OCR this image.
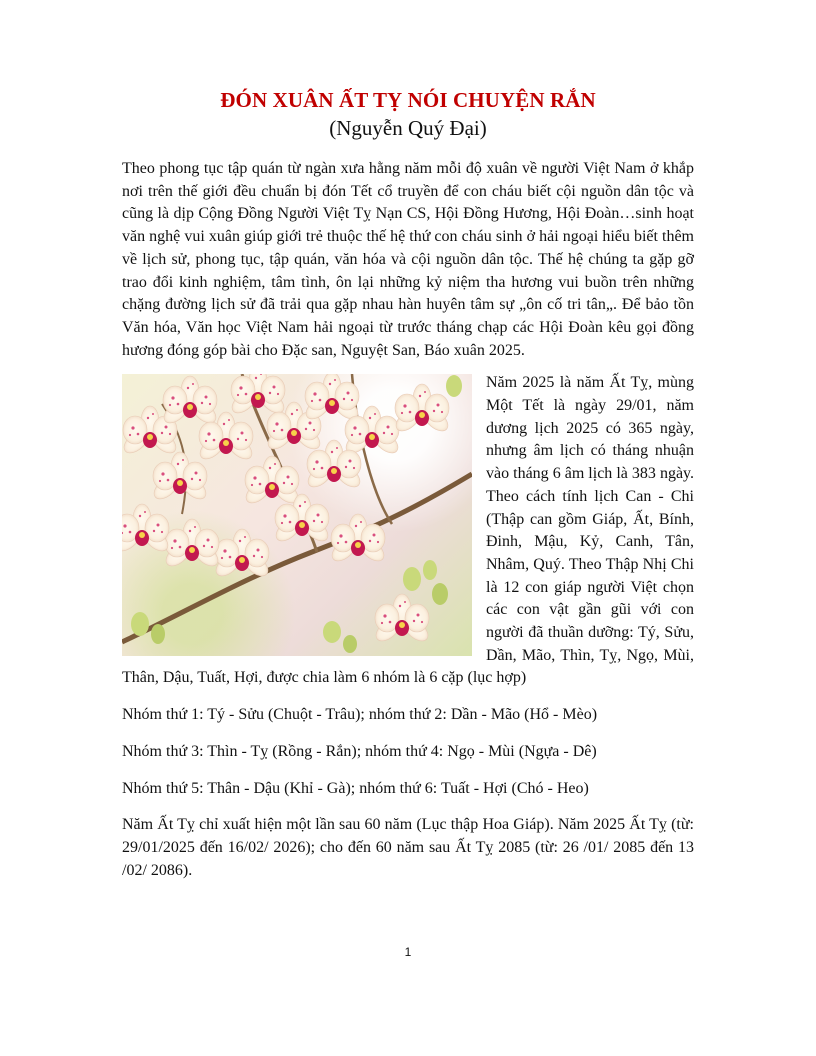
ĐÓN XUÂN ẤT TỴ NÓI CHUYỆN RẮN
(Nguyễn Quý Đại)

Theo phong tục tập quán từ ngàn xưa hằng năm mỗi độ xuân về người Việt Nam ở khắp nơi trên thế giới đều chuẩn bị đón Tết cổ truyền để con cháu biết cội nguồn dân tộc và cũng là dịp Cộng Đồng Người Việt Tỵ Nạn CS, Hội Đồng Hương, Hội Đoàn…sinh hoạt văn nghệ vui xuân giúp giới trẻ thuộc thế hệ thứ con cháu sinh ở hải ngoại hiểu biết thêm về lịch sử, phong tục, tập quán, văn hóa và cội nguồn dân tộc. Thế hệ chúng ta gặp gỡ trao đổi kinh nghiệm, tâm tình, ôn lại những kỷ niệm tha hương vui buồn trên những chặng đường lịch sử đã trải qua gặp nhau hàn huyên tâm sự „ôn cố tri tân„. Để bảo tồn Văn hóa, Văn học Việt Nam hải ngoại từ trước tháng chạp các Hội Đoàn kêu gọi đồng hương đóng góp bài cho Đặc san, Nguyệt San, Báo xuân 2025.

Năm 2025 là năm Ất Tỵ, mùng Một Tết là ngày 29/01, năm dương lịch 2025 có 365 ngày, nhưng âm lịch có tháng nhuận vào tháng 6 âm lịch là 383 ngày. Theo cách tính lịch Can - Chi (Thập can gồm Giáp, Ất, Bính, Đinh, Mậu, Kỷ, Canh, Tân, Nhâm, Quý. Theo Thập Nhị Chi là 12 con giáp người Việt chọn các con vật gần gũi với con người đã thuần dưỡng: Tý, Sửu, Dần, Mão, Thìn, Tỵ, Ngọ, Mùi, Thân, Dậu, Tuất, Hợi, được chia làm 6 nhóm là 6 cặp (lục hợp)

Nhóm thứ 1: Tý - Sửu (Chuột - Trâu); nhóm thứ 2: Dần - Mão (Hổ - Mèo)

Nhóm thứ 3: Thìn - Tỵ (Rồng - Rắn); nhóm thứ 4: Ngọ - Mùi (Ngựa - Dê)

Nhóm thứ 5: Thân - Dậu (Khỉ - Gà); nhóm thứ 6: Tuất - Hợi (Chó - Heo)

Năm Ất Tỵ chỉ xuất hiện một lần sau 60 năm (Lục thập Hoa Giáp). Năm 2025 Ất Tỵ (từ: 29/01/2025 đến 16/02/ 2026); cho đến 60 năm sau Ất Tỵ 2085 (từ: 26 /01/ 2085 đến 13 /02/ 2086).

1
